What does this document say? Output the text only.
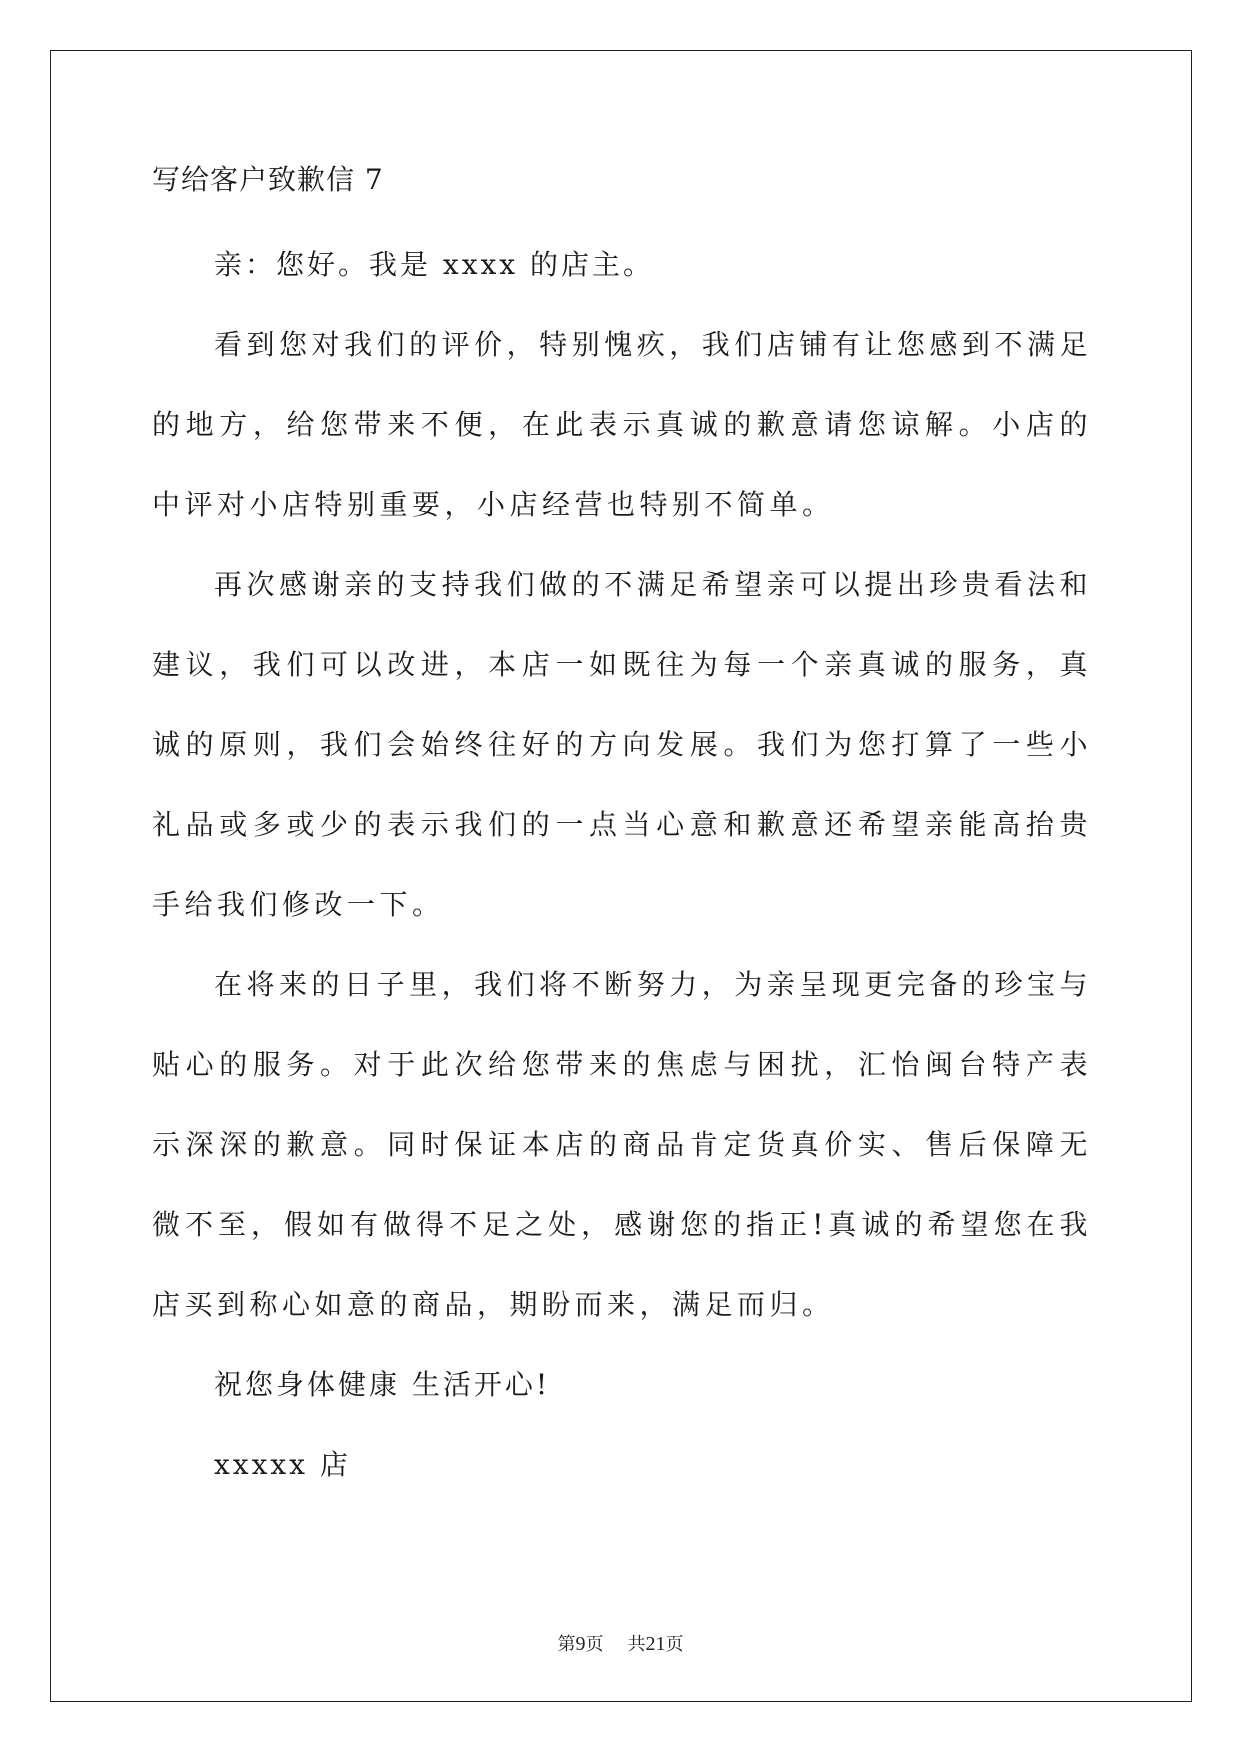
写给客户致歉信 7

亲：您好。我是 xxxx 的店主。

看到您对我们的评价，特别愧疚，我们店铺有让您感到不满足的地方，给您带来不便，在此表示真诚的歉意请您谅解。小店的中评对小店特别重要，小店经营也特别不简单。

再次感谢亲的支持我们做的不满足希望亲可以提出珍贵看法和建议，我们可以改进，本店一如既往为每一个亲真诚的服务，真诚的原则，我们会始终往好的方向发展。我们为您打算了一些小礼品或多或少的表示我们的一点当心意和歉意还希望亲能高抬贵手给我们修改一下。

在将来的日子里，我们将不断努力，为亲呈现更完备的珍宝与贴心的服务。对于此次给您带来的焦虑与困扰，汇怡闽台特产表示深深的歉意。同时保证本店的商品肯定货真价实、售后保障无微不至，假如有做得不足之处，感谢您的指正!真诚的希望您在我店买到称心如意的商品，期盼而来，满足而归。

祝您身体健康 生活开心!

xxxxx 店

第9页 共21页
